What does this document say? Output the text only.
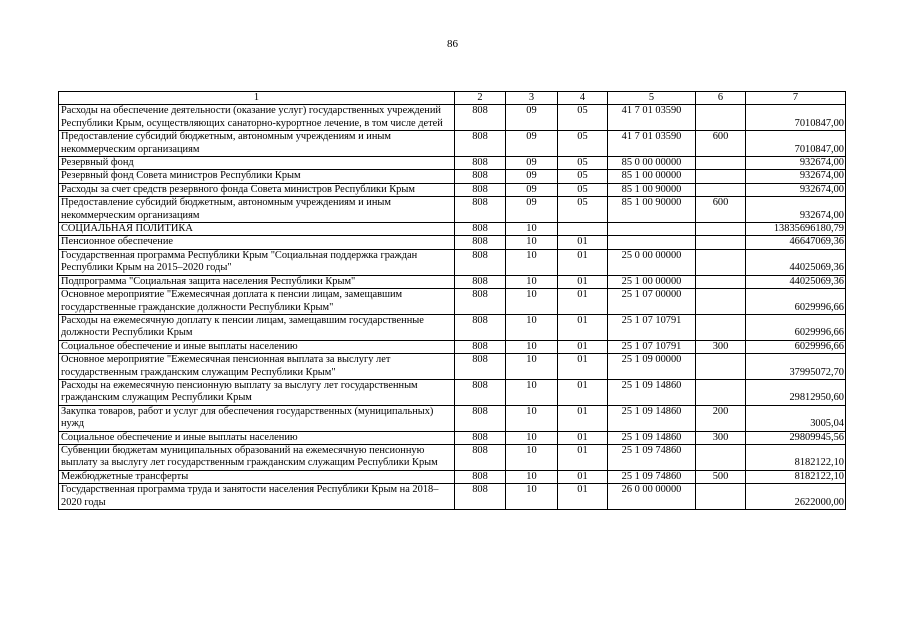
86
1	2	3	4	5	6	7
Расходы на обеспечение деятельности (оказание услуг) государственных учреждений Республики Крым, осуществляющих санаторно-курортное лечение, в том числе детей	808	09	05	41 7 01 03590		7010847,00
Предоставление субсидий бюджетным, автономным учреждениям и иным некоммерческим организациям	808	09	05	41 7 01 03590	600	7010847,00
Резервный фонд	808	09	05	85 0 00 00000		932674,00
Резервный фонд Совета министров Республики Крым	808	09	05	85 1 00 00000		932674,00
Расходы за счет средств резервного фонда Совета министров Республики Крым	808	09	05	85 1 00 90000		932674,00
Предоставление субсидий бюджетным, автономным учреждениям и иным некоммерческим организациям	808	09	05	85 1 00 90000	600	932674,00
СОЦИАЛЬНАЯ ПОЛИТИКА	808	10				13835696180,79
Пенсионное обеспечение	808	10	01			46647069,36
Государственная программа Республики Крым "Социальная поддержка граждан Республики Крым на 2015–2020 годы"	808	10	01	25 0 00 00000		44025069,36
Подпрограмма "Социальная защита населения Республики Крым"	808	10	01	25 1 00 00000		44025069,36
Основное мероприятие "Ежемесячная доплата к пенсии лицам, замещавшим государственные гражданские должности Республики Крым"	808	10	01	25 1 07 00000		6029996,66
Расходы на ежемесячную доплату к пенсии лицам, замещавшим государственные должности Республики Крым	808	10	01	25 1 07 10791		6029996,66
Социальное обеспечение и иные выплаты населению	808	10	01	25 1 07 10791	300	6029996,66
Основное мероприятие "Ежемесячная пенсионная выплата за выслугу лет государственным гражданским служащим Республики Крым"	808	10	01	25 1 09 00000		37995072,70
Расходы на ежемесячную пенсионную выплату за выслугу лет государственным гражданским служащим Республики Крым	808	10	01	25 1 09 14860		29812950,60
Закупка товаров, работ и услуг для обеспечения государственных (муниципальных) нужд	808	10	01	25 1 09 14860	200	3005,04
Социальное обеспечение и иные выплаты населению	808	10	01	25 1 09 14860	300	29809945,56
Субвенции бюджетам муниципальных образований на ежемесячную пенсионную выплату за выслугу лет государственным гражданским служащим Республики Крым	808	10	01	25 1 09 74860		8182122,10
Межбюджетные трансферты	808	10	01	25 1 09 74860	500	8182122,10
Государственная программа труда и занятости населения Республики Крым на 2018–2020 годы	808	10	01	26 0 00 00000		2622000,00
